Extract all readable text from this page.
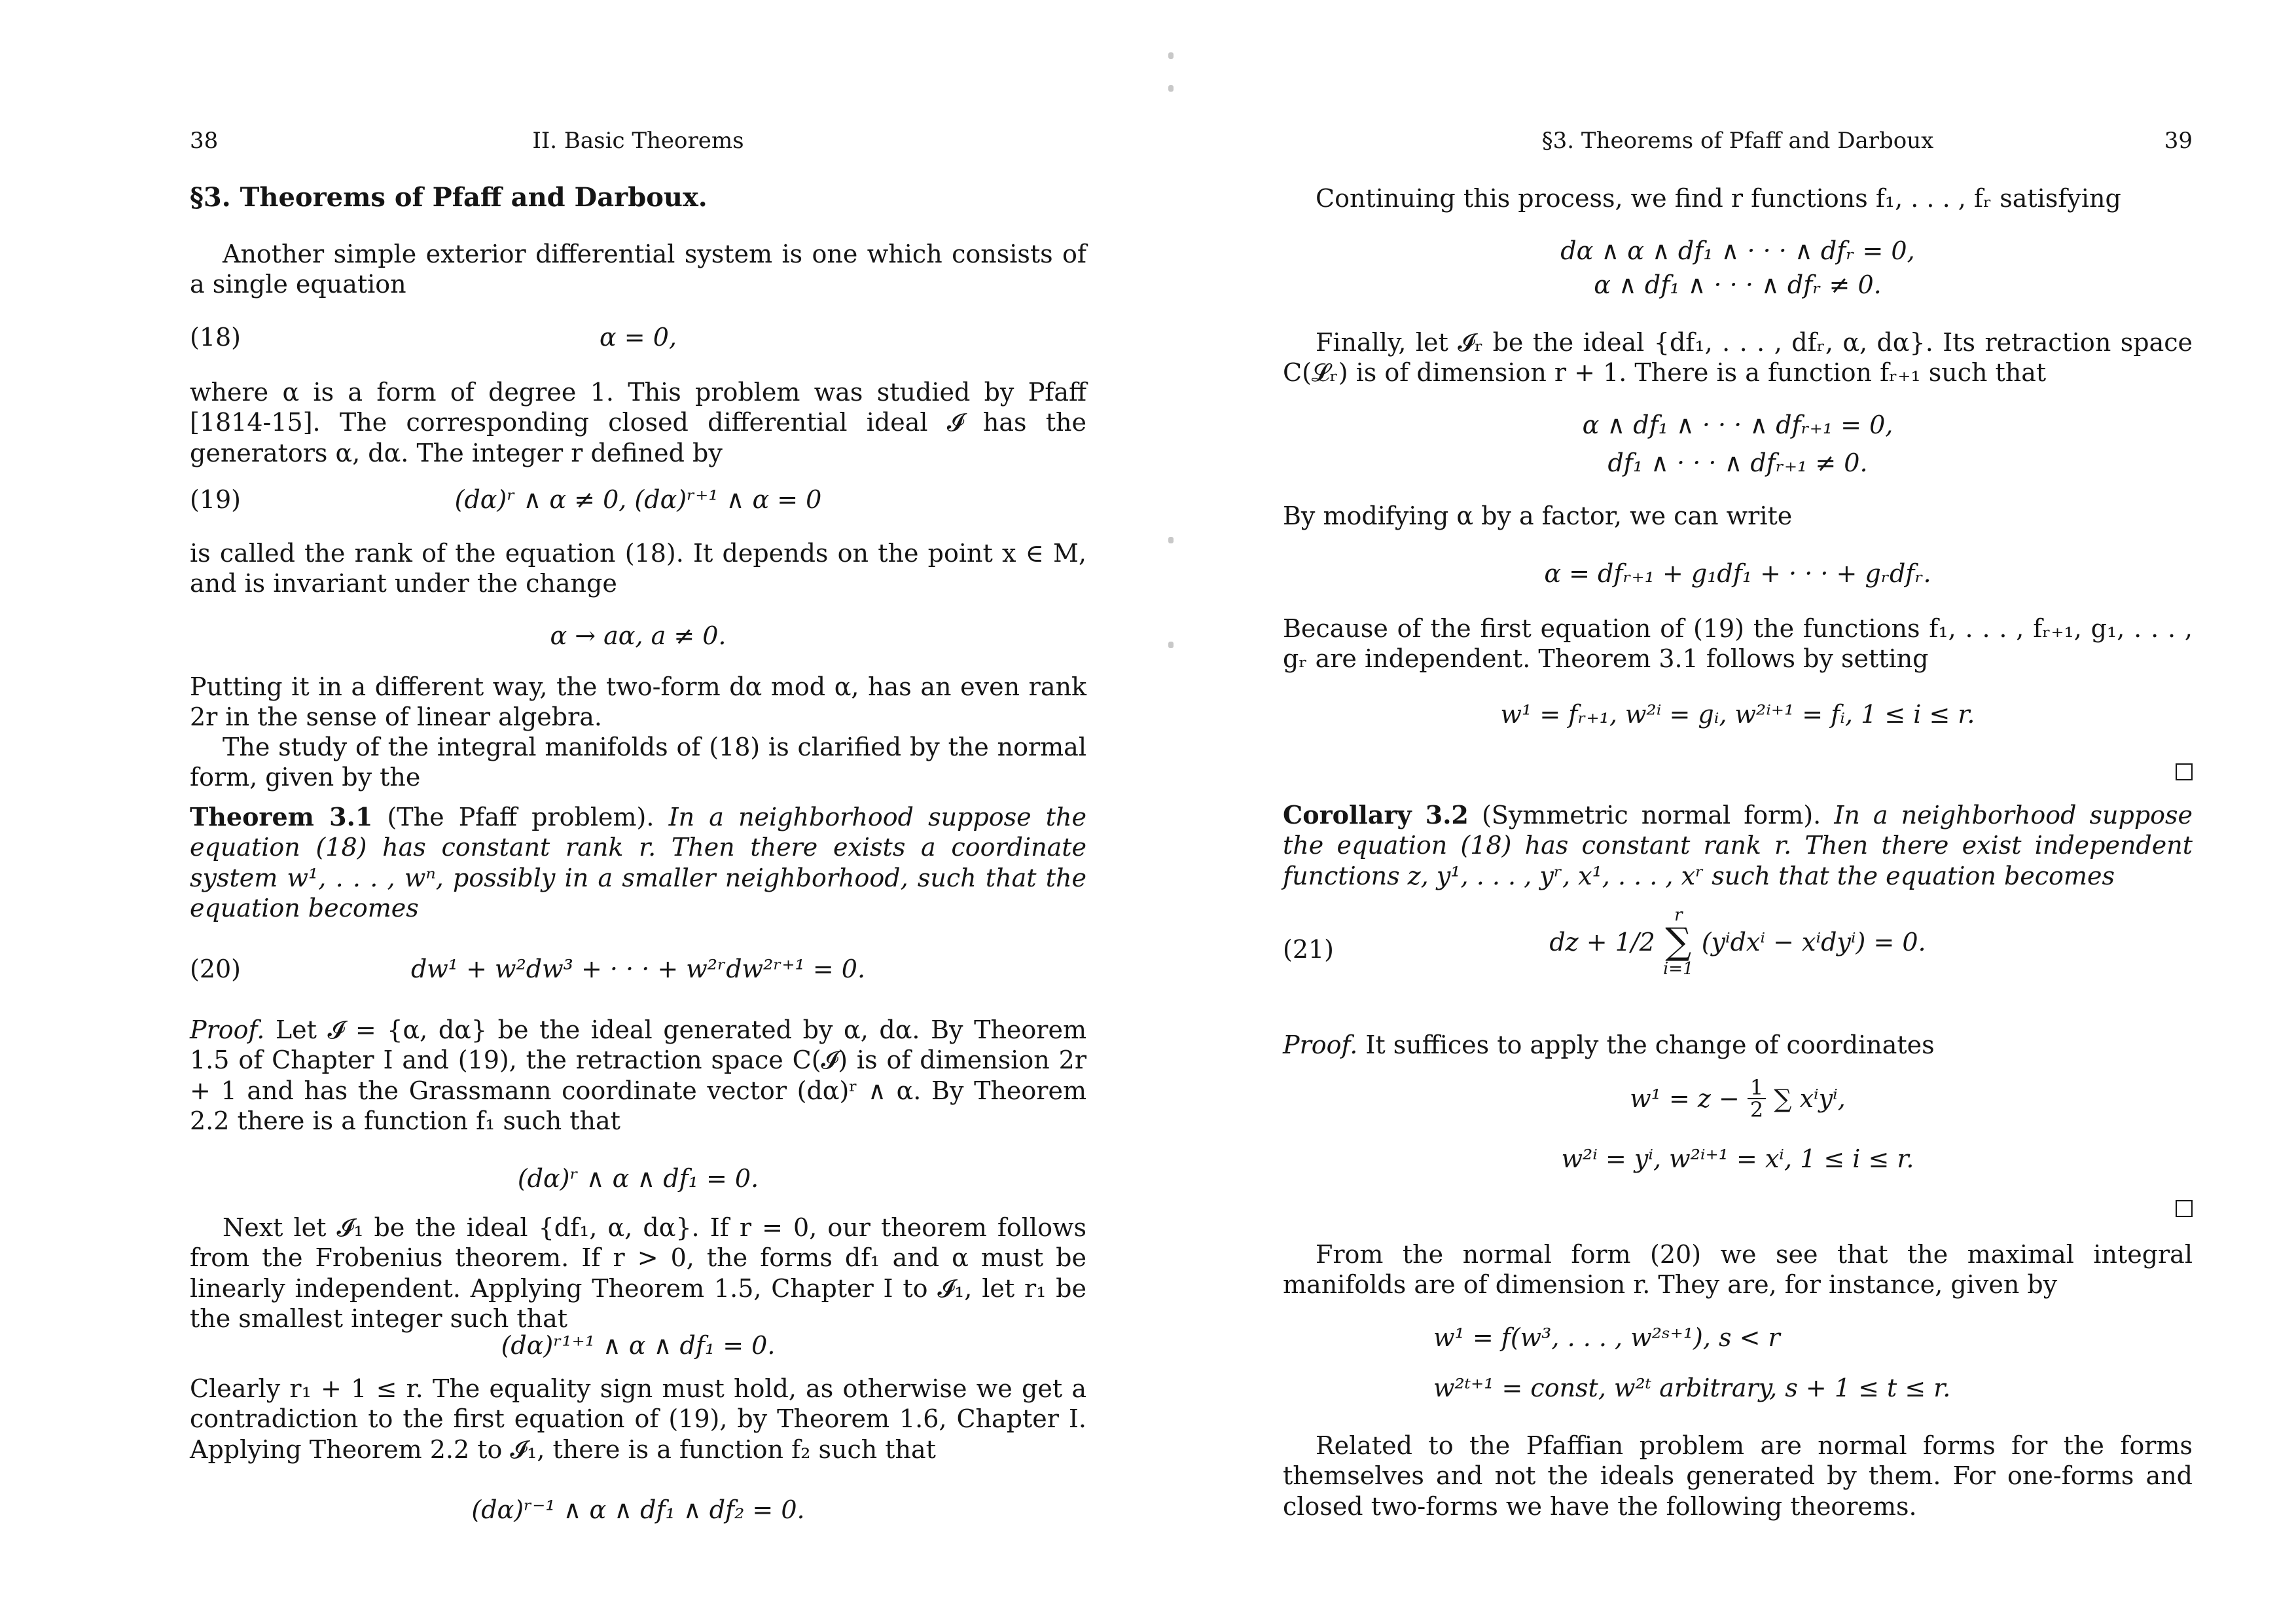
38	II. Basic Theorems
§3. Theorems of Pfaff and Darboux.

Another simple exterior differential system is one which consists of a single equation

(18)	α = 0,

where α is a form of degree 1. This problem was studied by Pfaff [1814-15]. The corresponding closed differential ideal 𝓘 has the generators α, dα. The integer r defined by

(19)	(dα)ʳ ∧ α ≠ 0, (dα)ʳ⁺¹ ∧ α = 0

is called the rank of the equation (18). It depends on the point x ∈ M, and is invariant under the change

α → aα, a ≠ 0.

Putting it in a different way, the two-form dα mod α, has an even rank 2r in the sense of linear algebra.

The study of the integral manifolds of (18) is clarified by the normal form, given by the

Theorem 3.1 (The Pfaff problem). In a neighborhood suppose the equation (18) has constant rank r. Then there exists a coordinate system w¹, . . . , wⁿ, possibly in a smaller neighborhood, such that the equation becomes

(20)	dw¹ + w²dw³ + · · · + w²ʳdw²ʳ⁺¹ = 0.

Proof. Let 𝓘 = {α, dα} be the ideal generated by α, dα. By Theorem 1.5 of Chapter I and (19), the retraction space C(𝓘) is of dimension 2r + 1 and has the Grassmann coordinate vector (dα)ʳ ∧ α. By Theorem 2.2 there is a function f₁ such that

(dα)ʳ ∧ α ∧ df₁ = 0.

Next let 𝓘₁ be the ideal {df₁, α, dα}. If r = 0, our theorem follows from the Frobenius theorem. If r > 0, the forms df₁ and α must be linearly independent. Applying Theorem 1.5, Chapter I to 𝓘₁, let r₁ be the smallest integer such that

(dα)ʳ¹⁺¹ ∧ α ∧ df₁ = 0.

Clearly r₁ + 1 ≤ r. The equality sign must hold, as otherwise we get a contradiction to the first equation of (19), by Theorem 1.6, Chapter I. Applying Theorem 2.2 to 𝓘₁, there is a function f₂ such that

(dα)ʳ⁻¹ ∧ α ∧ df₁ ∧ df₂ = 0.
§3. Theorems of Pfaff and Darboux	39

Continuing this process, we find r functions f₁, . . . , fᵣ satisfying

dα ∧ α ∧ df₁ ∧ · · · ∧ dfᵣ = 0,
α ∧ df₁ ∧ · · · ∧ dfᵣ ≠ 0.

Finally, let 𝓘ᵣ be the ideal {df₁, . . . , dfᵣ, α, dα}. Its retraction space C(𝓛ᵣ) is of dimension r + 1. There is a function fᵣ₊₁ such that

α ∧ df₁ ∧ · · · ∧ dfᵣ₊₁ = 0,
df₁ ∧ · · · ∧ dfᵣ₊₁ ≠ 0.

By modifying α by a factor, we can write

α = dfᵣ₊₁ + g₁df₁ + · · · + gᵣdfᵣ.

Because of the first equation of (19) the functions f₁, . . . , fᵣ₊₁, g₁, . . . , gᵣ are independent. Theorem 3.1 follows by setting

w¹ = fᵣ₊₁, w²ⁱ = gᵢ, w²ⁱ⁺¹ = fᵢ, 1 ≤ i ≤ r.

Corollary 3.2 (Symmetric normal form). In a neighborhood suppose the equation (18) has constant rank r. Then there exist independent functions z, y¹, . . . , yʳ, x¹, . . . , xʳ such that the equation becomes

(21)	dz + 1/2
r
∑
i=1
(yⁱdxⁱ − xⁱdyⁱ) = 0.

Proof. It suffices to apply the change of coordinates

$w^1 = z - \frac{1}{2}$ ∑ xⁱyⁱ,
w²ⁱ = yⁱ, w²ⁱ⁺¹ = xⁱ, 1 ≤ i ≤ r.

From the normal form (20) we see that the maximal integral manifolds are of dimension r. They are, for instance, given by

w¹ = f(w³, . . . , w²ˢ⁺¹), s < r
w²ᵗ⁺¹ = const, w²ᵗ arbitrary, s + 1 ≤ t ≤ r.

Related to the Pfaffian problem are normal forms for the forms themselves and not the ideals generated by them. For one-forms and closed two-forms we have the following theorems.
